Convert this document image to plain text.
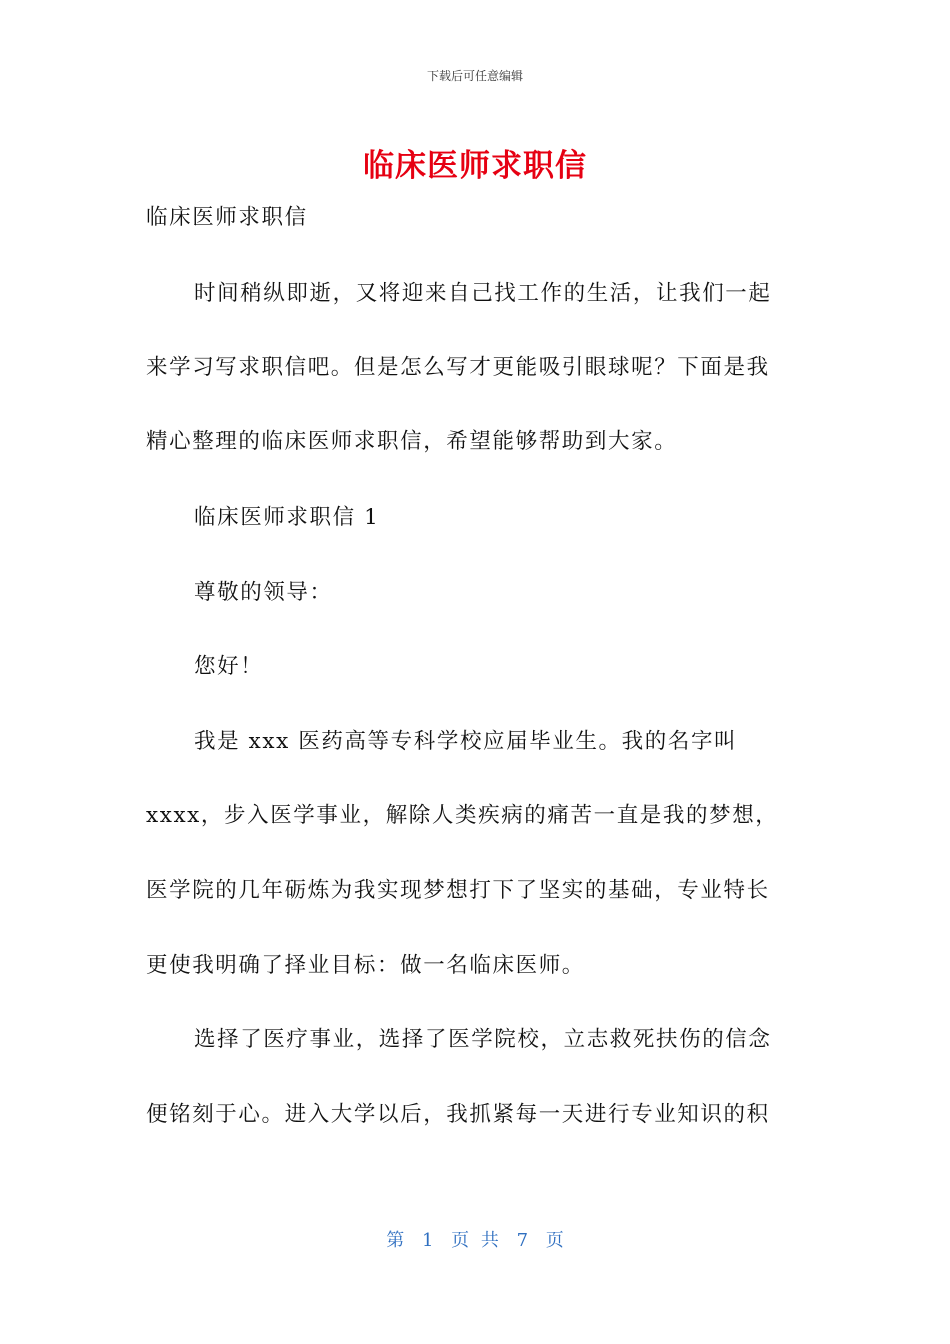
下载后可任意编辑
临床医师求职信
临床医师求职信
时间稍纵即逝，又将迎来自己找工作的生活，让我们一起
来学习写求职信吧。但是怎么写才更能吸引眼球呢？下面是我
精心整理的临床医师求职信，希望能够帮助到大家。
临床医师求职信 1
尊敬的领导：
您好！
我是 xxx 医药高等专科学校应届毕业生。我的名字叫
xxxx，步入医学事业，解除人类疾病的痛苦一直是我的梦想，
医学院的几年砺炼为我实现梦想打下了坚实的基础，专业特长
更使我明确了择业目标：做一名临床医师。
选择了医疗事业，选择了医学院校，立志救死扶伤的信念
便铭刻于心。进入大学以后，我抓紧每一天进行专业知识的积
第 1 页 共 7 页
